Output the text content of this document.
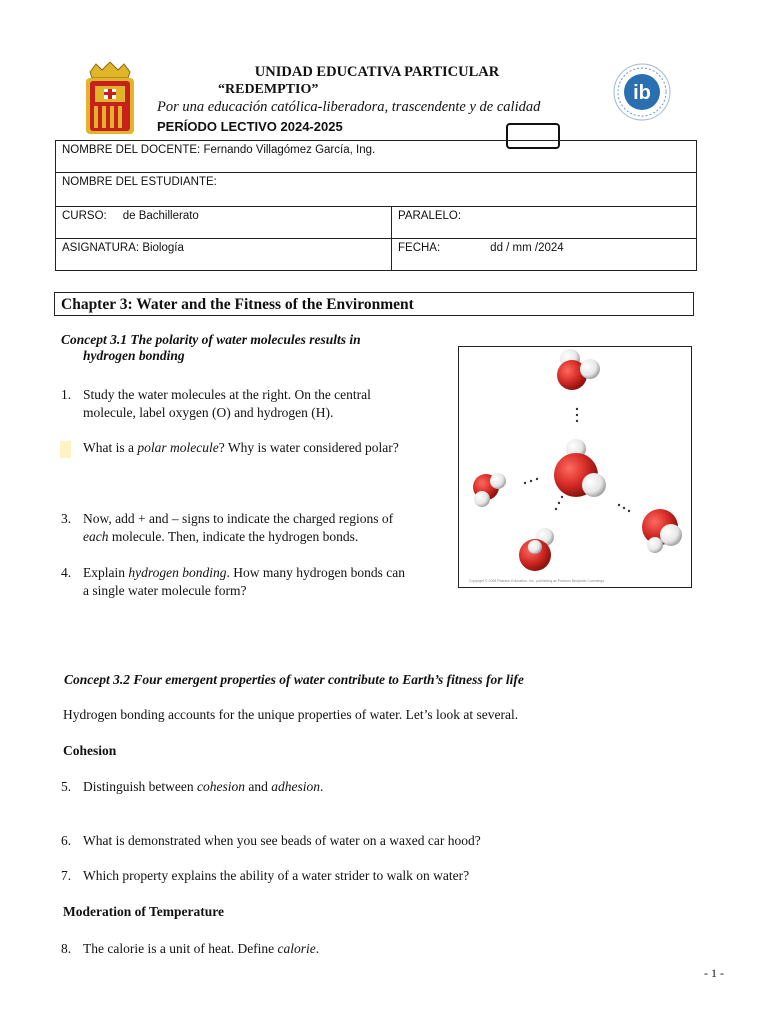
ib
UNIDAD EDUCATIVA PARTICULAR
“REDEMPTIO”
Por una educación católica-liberadora, trascendente y de calidad
PERÍODO LECTIVO 2024-2025
NOMBRE DEL DOCENTE: Fernando Villagómez García, Ing.	
NOMBRE DEL ESTUDIANTE:	
CURSO: de Bachillerato	PARALELO:
ASIGNATURA: Biología	FECHA: dd / mm /2024
Chapter 3: Water and the Fitness of the Environment
Concept 3.1 The polarity of water molecules results in
hydrogen bonding
1. Study the water molecules at the right. On the central
molecule, label oxygen (O) and hydrogen (H).
What is a polar molecule? Why is water considered polar?
3. Now, add + and – signs to indicate the charged regions of
each molecule. Then, indicate the hydrogen bonds.
4. Explain hydrogen bonding. How many hydrogen bonds can
a single water molecule form?
Copyright © 2008 Pearson Education, Inc., publishing as Pearson Benjamin Cummings
Concept 3.2 Four emergent properties of water contribute to Earth’s fitness for life
Hydrogen bonding accounts for the unique properties of water. Let’s look at several.
Cohesion
5. Distinguish between cohesion and adhesion.
6. What is demonstrated when you see beads of water on a waxed car hood?
7. Which property explains the ability of a water strider to walk on water?
Moderation of Temperature
8. The calorie is a unit of heat. Define calorie.
- 1 -
